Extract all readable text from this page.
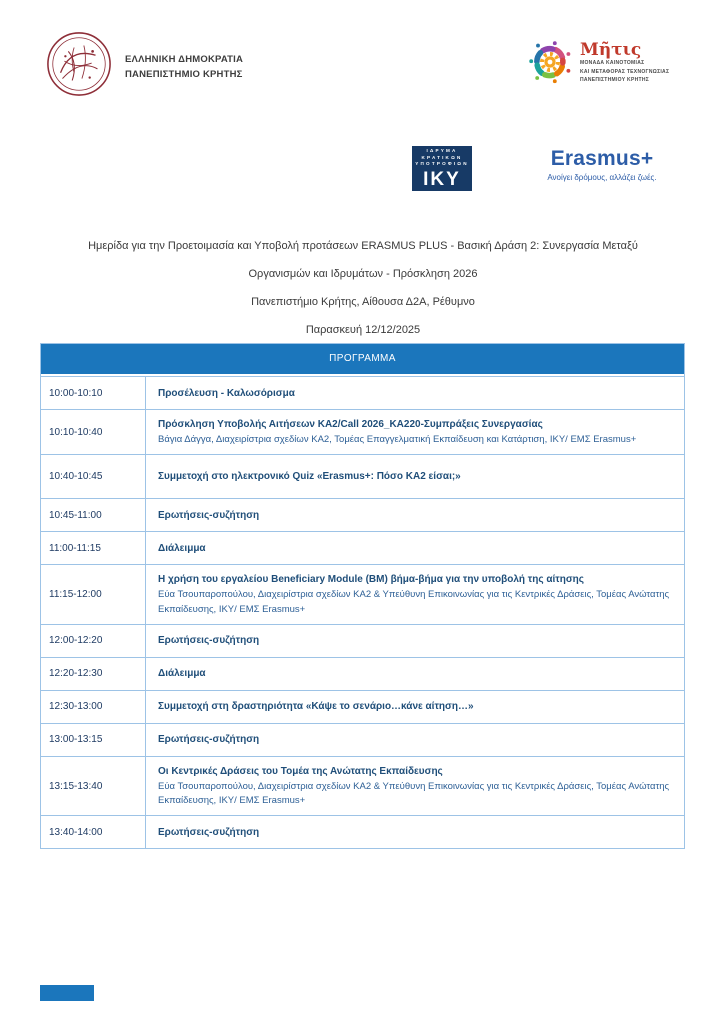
ΕΛΛΗΝΙΚΗ ΔΗΜΟΚΡΑΤΙΑ
ΠΑΝΕΠΙΣΤΗΜΙΟ ΚΡΗΤΗΣ
Μῆτις
ΜΟΝΑΔΑ ΚΑΙΝΟΤΟΜΙΑΣ
ΚΑΙ ΜΕΤΑΦΟΡΑΣ ΤΕΧΝΟΓΝΩΣΙΑΣ
ΠΑΝΕΠΙΣΤΗΜΙΟΥ ΚΡΗΤΗΣ
ΙΔΡΥΜΑ
ΚΡΑΤΙΚΩΝ
ΥΠΟΤΡΟΦΙΩΝ
IKY
Erasmus+
Ανοίγει δρόμους, αλλάζει ζωές.

Ημερίδα για την Προετοιμασία και Υποβολή προτάσεων ERASMUS PLUS - Βασική Δράση 2: Συνεργασία Μεταξύ Οργανισμών και Ιδρυμάτων - Πρόσκληση 2026

Πανεπιστήμιο Κρήτης, Αίθουσα Δ2Α, Ρέθυμνο

Παρασκευή 12/12/2025

ΠΡΟΓΡΑΜΜΑ
10:00-10:10	Προσέλευση - Καλωσόρισμα
10:10-10:40
Πρόσκληση Υποβολής Αιτήσεων ΚΑ2/Call 2026_ΚΑ220-Συμπράξεις Συνεργασίας
Βάγια Δάγγα, Διαχειρίστρια σχεδίων ΚΑ2, Τομέας Επαγγελματική Εκπαίδευση και Κατάρτιση, ΙΚΥ/ ΕΜΣ Erasmus+
10:40-10:45	Συμμετοχή στο ηλεκτρονικό Quiz «Erasmus+: Πόσο ΚΑ2 είσαι;»
10:45-11:00	Ερωτήσεις-συζήτηση
11:00-11:15	Διάλειμμα
11:15-12:00
Η χρήση του εργαλείου Beneficiary Module (BM) βήμα-βήμα για την υποβολή της αίτησης
Εύα Τσουπαροπούλου, Διαχειρίστρια σχεδίων ΚΑ2 & Υπεύθυνη Επικοινωνίας για τις Κεντρικές Δράσεις, Τομέας Ανώτατης Εκπαίδευσης, ΙΚΥ/ ΕΜΣ Erasmus+
12:00-12:20	Ερωτήσεις-συζήτηση
12:20-12:30	Διάλειμμα
12:30-13:00	Συμμετοχή στη δραστηριότητα «Κάψε το σενάριο…κάνε αίτηση…»
13:00-13:15	Ερωτήσεις-συζήτηση
13:15-13:40
Οι Κεντρικές Δράσεις του Τομέα της Ανώτατης Εκπαίδευσης
Εύα Τσουπαροπούλου, Διαχειρίστρια σχεδίων ΚΑ2 & Υπεύθυνη Επικοινωνίας για τις Κεντρικές Δράσεις, Τομέας Ανώτατης Εκπαίδευσης, ΙΚΥ/ ΕΜΣ Erasmus+
13:40-14:00	Ερωτήσεις-συζήτηση
